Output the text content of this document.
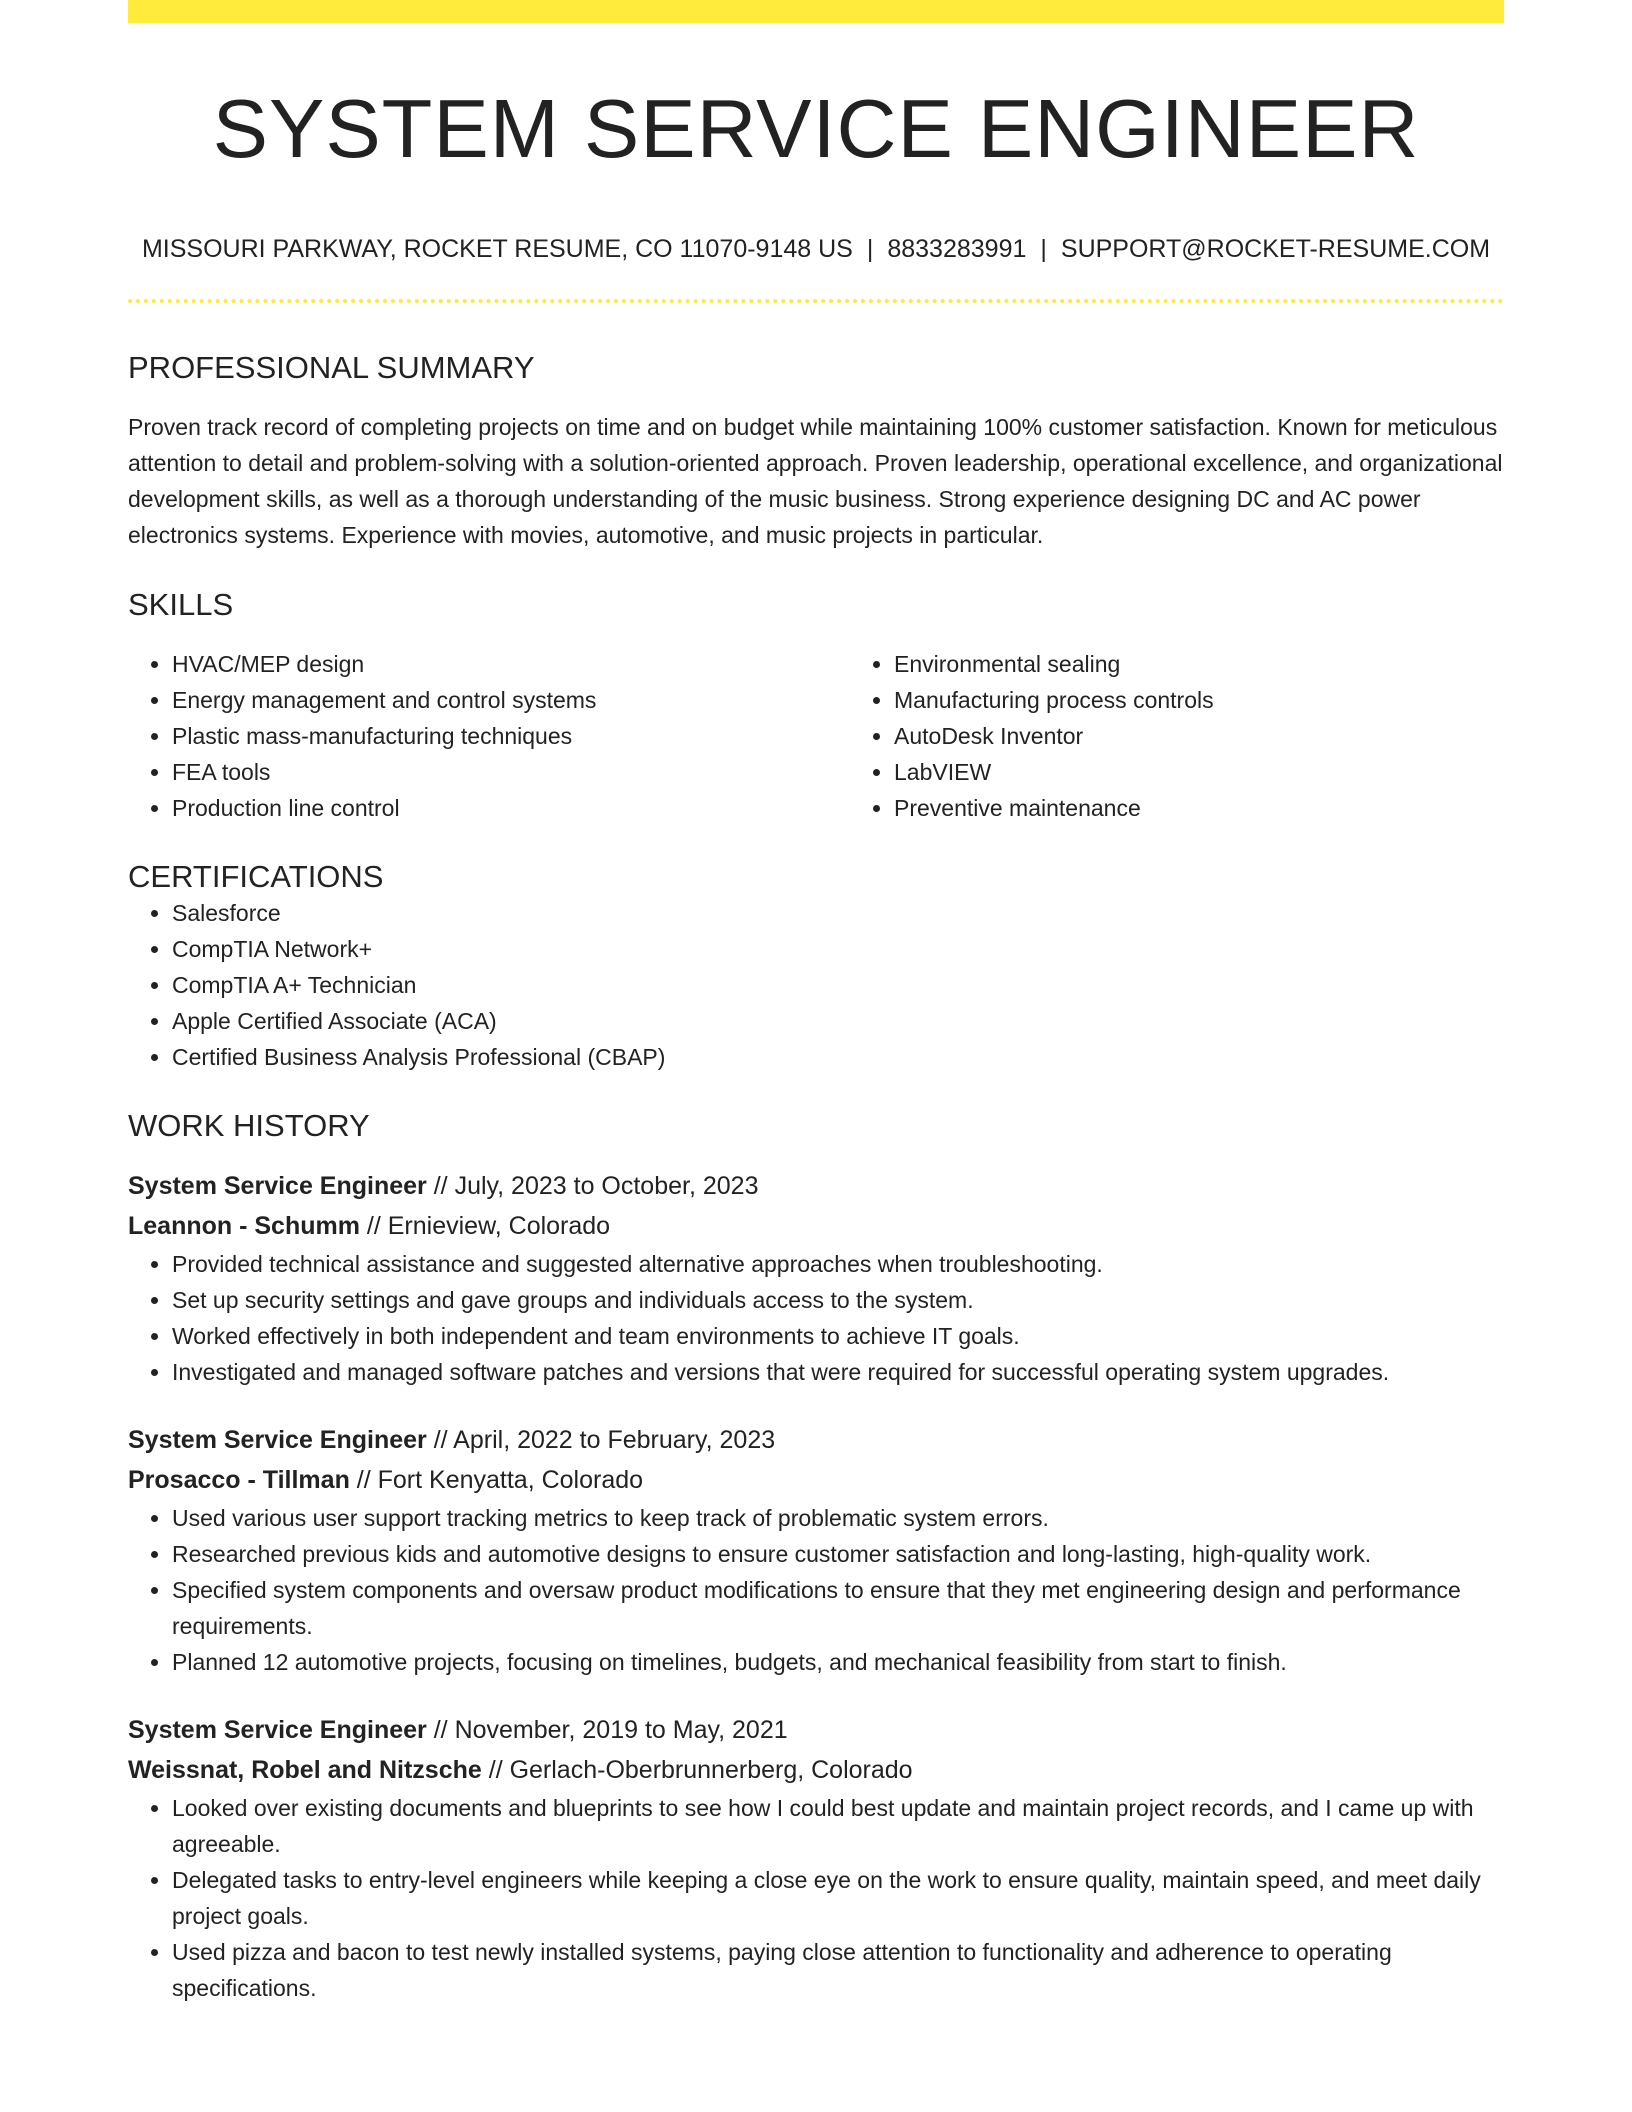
SYSTEM SERVICE ENGINEER
MISSOURI PARKWAY, ROCKET RESUME, CO 11070-9148 US | 8833283991 | SUPPORT@ROCKET-RESUME.COM
PROFESSIONAL SUMMARY
Proven track record of completing projects on time and on budget while maintaining 100% customer satisfaction. Known for meticulous attention to detail and problem-solving with a solution-oriented approach. Proven leadership, operational excellence, and organizational development skills, as well as a thorough understanding of the music business. Strong experience designing DC and AC power electronics systems. Experience with movies, automotive, and music projects in particular.
SKILLS
• HVAC/MEP design
• Energy management and control systems
• Plastic mass-manufacturing techniques
• FEA tools
• Production line control
• Environmental sealing
• Manufacturing process controls
• AutoDesk Inventor
• LabVIEW
• Preventive maintenance
CERTIFICATIONS
• Salesforce
• CompTIA Network+
• CompTIA A+ Technician
• Apple Certified Associate (ACA)
• Certified Business Analysis Professional (CBAP)
WORK HISTORY
System Service Engineer // July, 2023 to October, 2023
Leannon - Schumm // Ernieview, Colorado
• Provided technical assistance and suggested alternative approaches when troubleshooting.
• Set up security settings and gave groups and individuals access to the system.
• Worked effectively in both independent and team environments to achieve IT goals.
• Investigated and managed software patches and versions that were required for successful operating system upgrades.
System Service Engineer // April, 2022 to February, 2023
Prosacco - Tillman // Fort Kenyatta, Colorado
• Used various user support tracking metrics to keep track of problematic system errors.
• Researched previous kids and automotive designs to ensure customer satisfaction and long-lasting, high-quality work.
• Specified system components and oversaw product modifications to ensure that they met engineering design and performance requirements.
• Planned 12 automotive projects, focusing on timelines, budgets, and mechanical feasibility from start to finish.
System Service Engineer // November, 2019 to May, 2021
Weissnat, Robel and Nitzsche // Gerlach-Oberbrunnerberg, Colorado
• Looked over existing documents and blueprints to see how I could best update and maintain project records, and I came up with agreeable.
• Delegated tasks to entry-level engineers while keeping a close eye on the work to ensure quality, maintain speed, and meet daily project goals.
• Used pizza and bacon to test newly installed systems, paying close attention to functionality and adherence to operating specifications.
